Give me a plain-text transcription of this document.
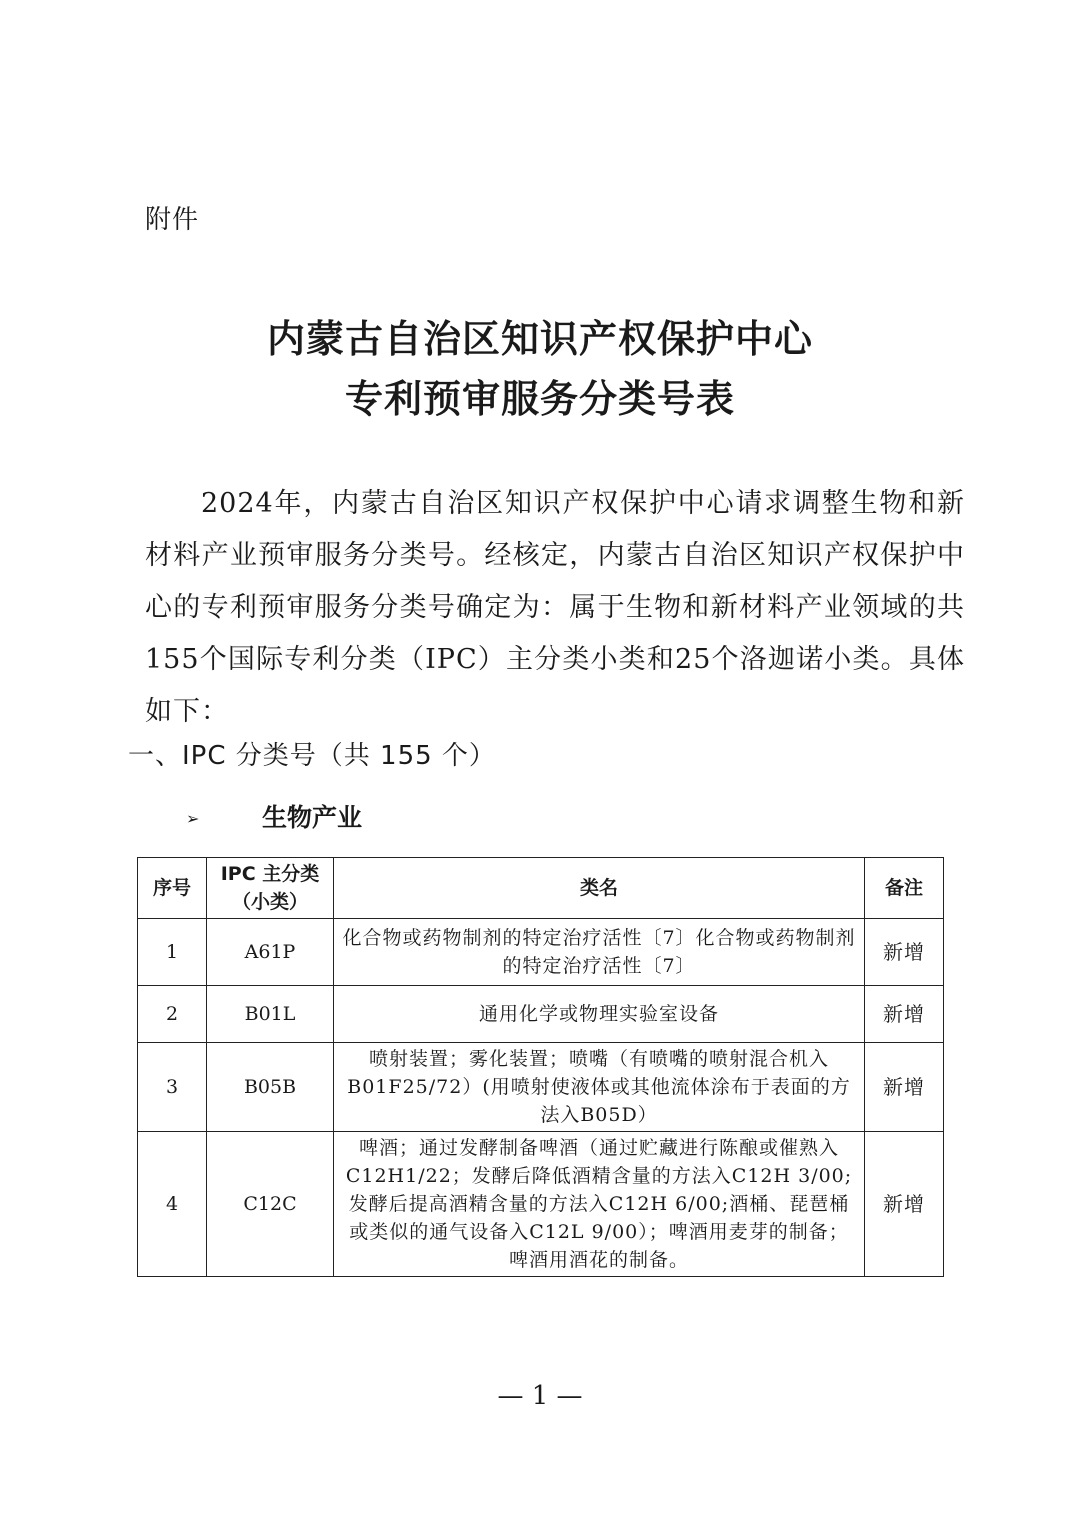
附件
内蒙古自治区知识产权保护中心
专利预审服务分类号表
2024年，内蒙古自治区知识产权保护中心请求调整生物和新材料产业预审服务分类号。经核定，内蒙古自治区知识产权保护中心的专利预审服务分类号确定为：属于生物和新材料产业领域的共155个国际专利分类（IPC）主分类小类和25个洛迦诺小类。具体如下：
一、IPC 分类号（共 155 个）
➢	生物产业
序号	IPC 主分类（小类）	类名	备注
1	A61P	化合物或药物制剂的特定治疗活性〔7〕化合物或药物制剂的特定治疗活性〔7〕	新增
2	B01L	通用化学或物理实验室设备	新增
3	B05B	喷射装置；雾化装置；喷嘴（有喷嘴的喷射混合机入B01F25/72）(用喷射使液体或其他流体涂布于表面的方法入B05D）	新增
4	C12C	啤酒；通过发酵制备啤酒（通过贮藏进行陈酿或催熟入C12H1/22；发酵后降低酒精含量的方法入C12H 3/00;发酵后提高酒精含量的方法入C12H 6/00;酒桶、琵琶桶或类似的通气设备入C12L 9/00）；啤酒用麦芽的制备；啤酒用酒花的制备。	新增
— 1 —
